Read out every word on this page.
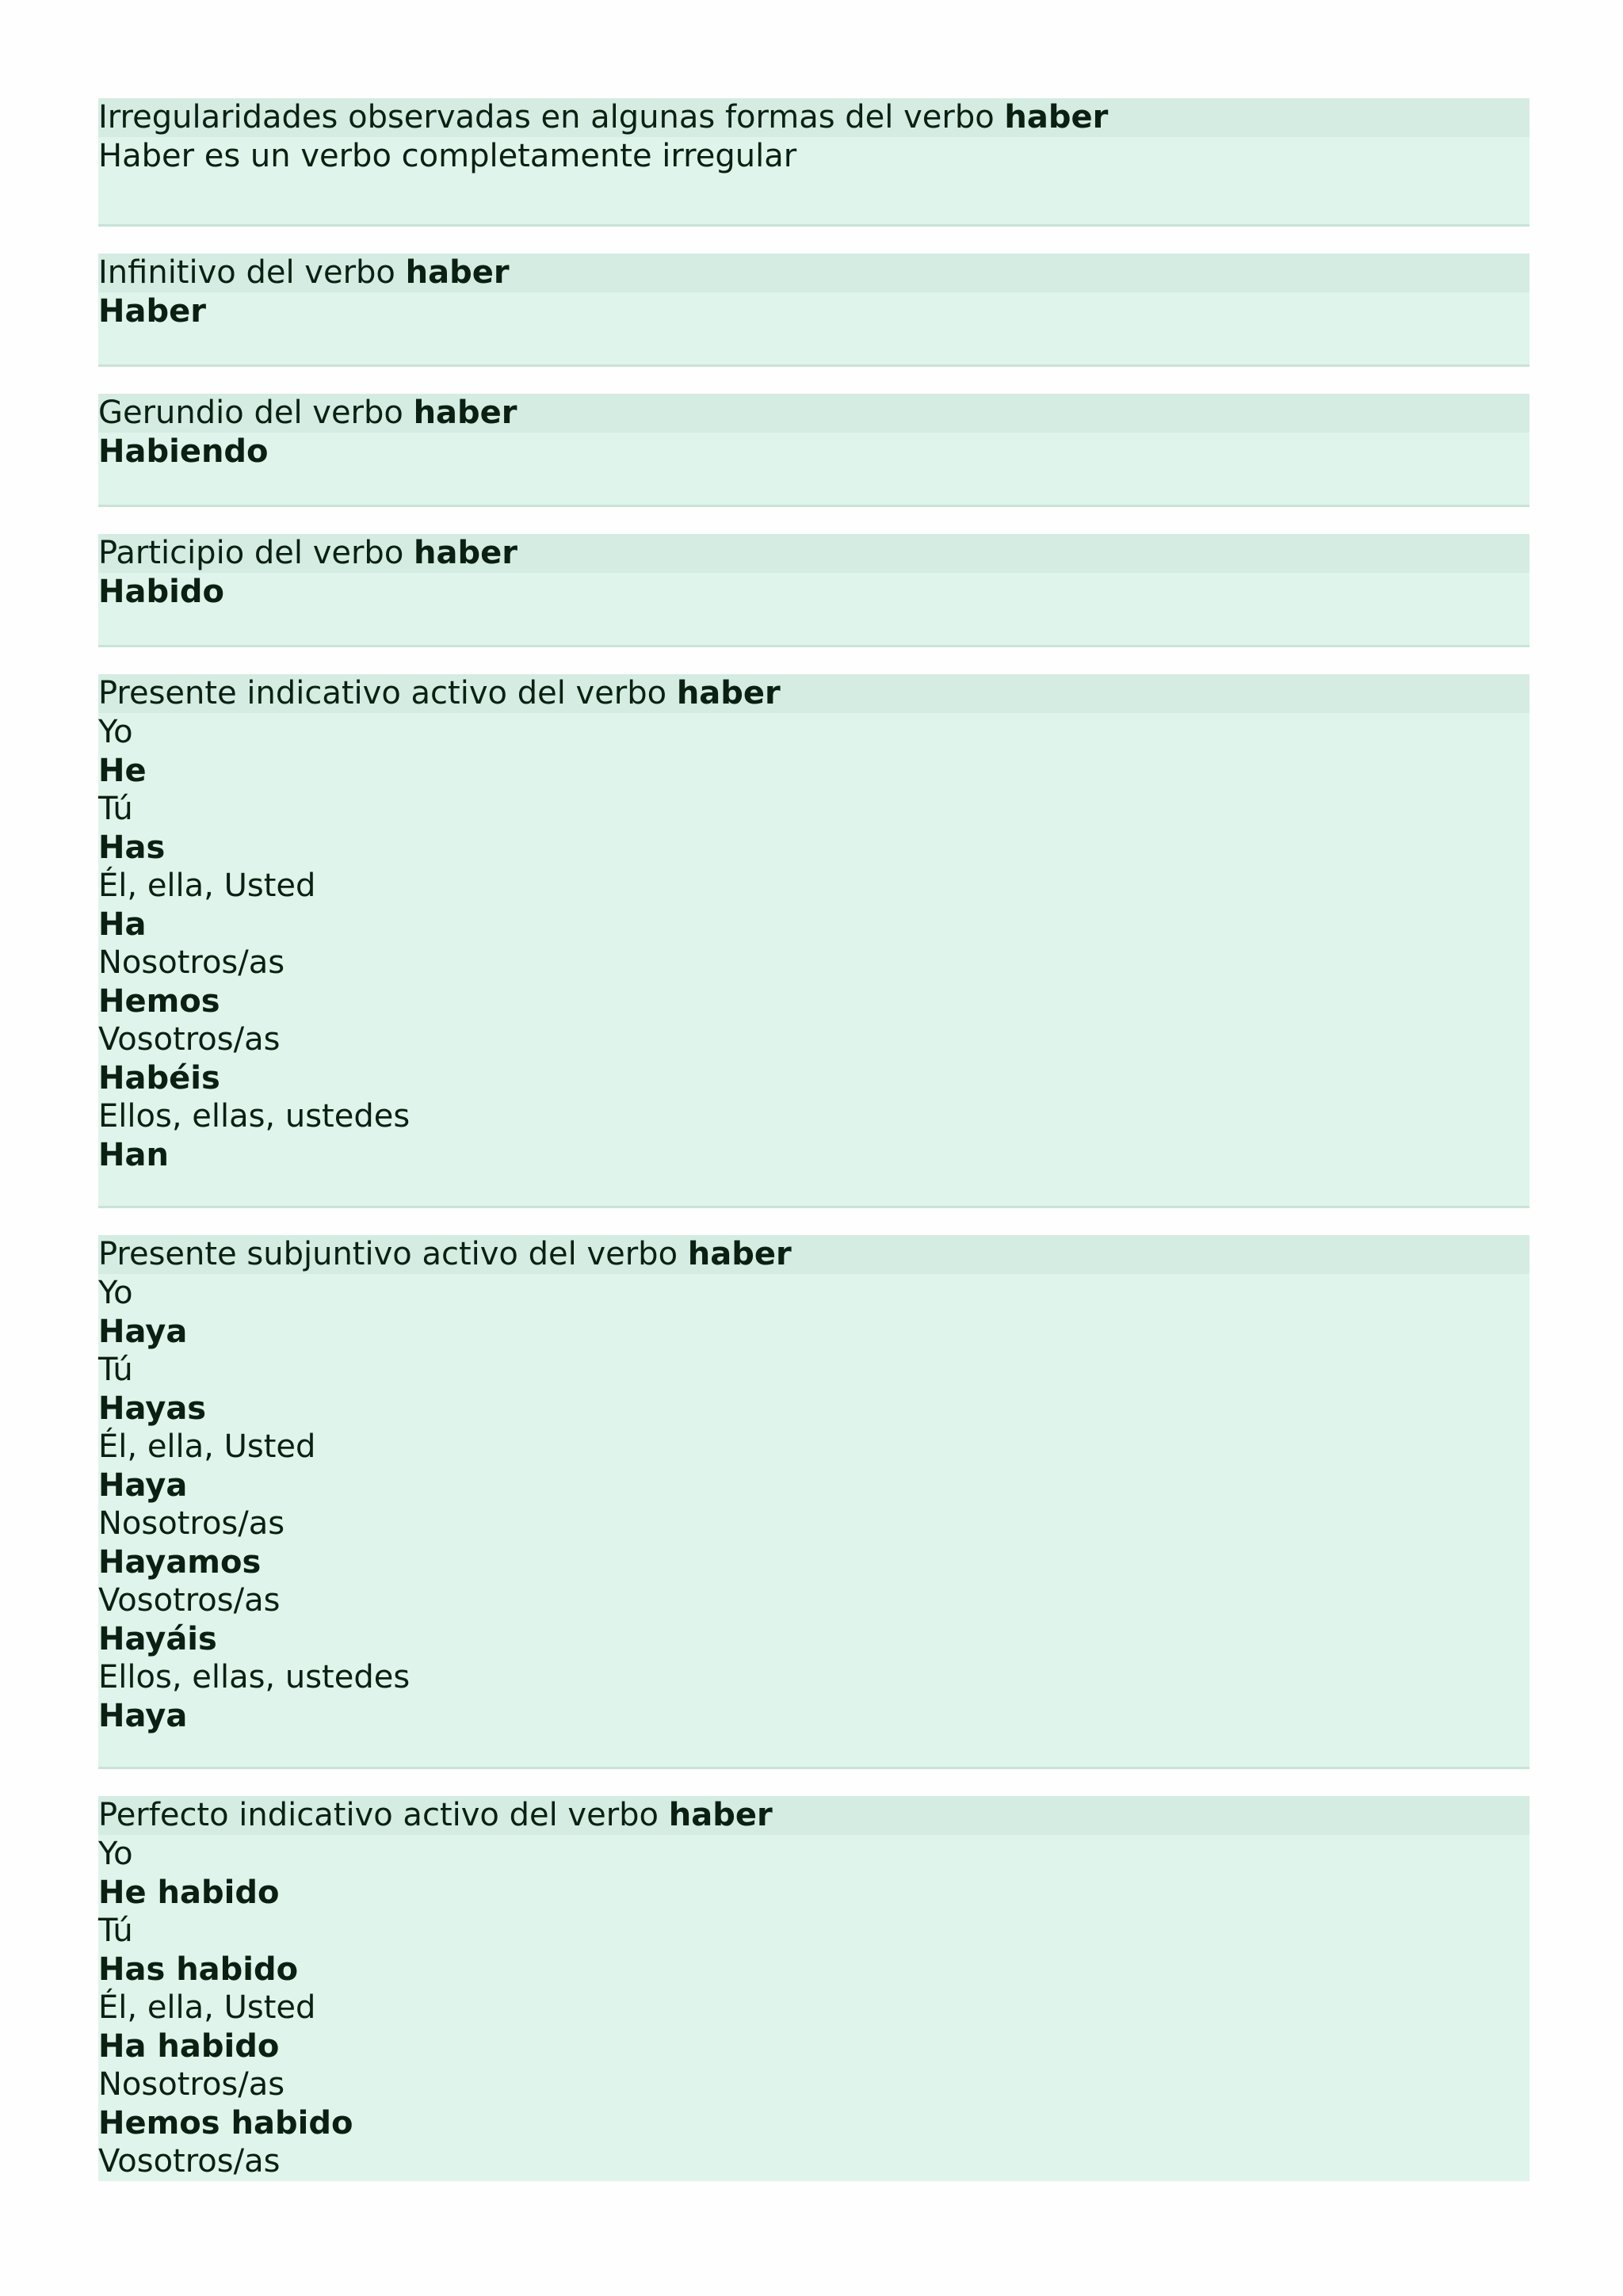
Irregularidades observadas en algunas formas del verbo haber
Haber es un verbo completamente irregular
Infinitivo del verbo haber
Haber
Gerundio del verbo haber
Habiendo
Participio del verbo haber
Habido
Presente indicativo activo del verbo haber
Yo
He
Tú
Has
Él, ella, Usted
Ha
Nosotros/as
Hemos
Vosotros/as
Habéis
Ellos, ellas, ustedes
Han
Presente subjuntivo activo del verbo haber
Yo
Haya
Tú
Hayas
Él, ella, Usted
Haya
Nosotros/as
Hayamos
Vosotros/as
Hayáis
Ellos, ellas, ustedes
Haya
Perfecto indicativo activo del verbo haber
Yo
He habido
Tú
Has habido
Él, ella, Usted
Ha habido
Nosotros/as
Hemos habido
Vosotros/as
